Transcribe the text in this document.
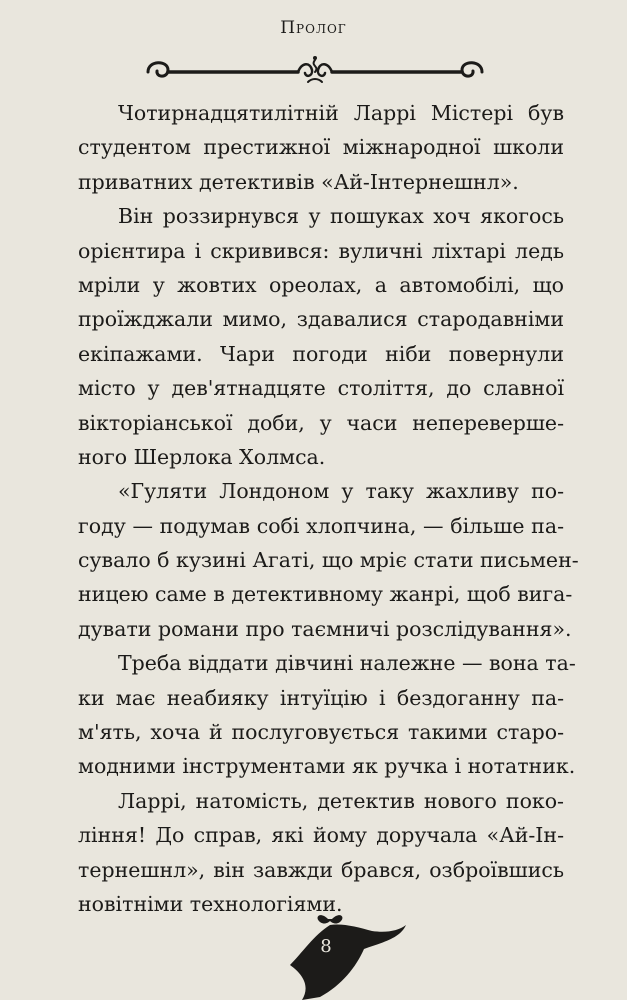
Пролог
Чотирнадцятилітній Ларрі Містері був
студентом престижної міжнародної школи
приватних детективів «Ай-Інтернешнл».
Він роззирнувся у пошуках хоч якогось
орієнтира і скривився: вуличні ліхтарі ледь
мріли у жовтих ореолах, а автомобілі, що
проїжджали мимо, здавалися стародавніми
екіпажами. Чари погоди ніби повернули
місто у дев'ятнадцяте століття, до славної
вікторіанської доби, у часи неперевершe-
ного Шерлока Холмса.
«Гуляти Лондоном у таку жахливу по-
году — подумав собі хлопчина, — більше па-
сувало б кузині Агаті, що мріє стати письмен-
ницею саме в детективному жанрі, щоб вига-
дувати романи про таємничі розслідування».
Треба віддати дівчині належне — вона та-
ки має неабияку інтуїцію і бездоганну па-
м'ять, хоча й послуговується такими старо-
модними інструментами як ручка і нотатник.
Ларрі, натомість, детектив нового поко-
ління! До справ, які йому доручала «Ай-Ін-
тернешнл», він завжди брався, озброївшись
новітніми технологіями.
8
